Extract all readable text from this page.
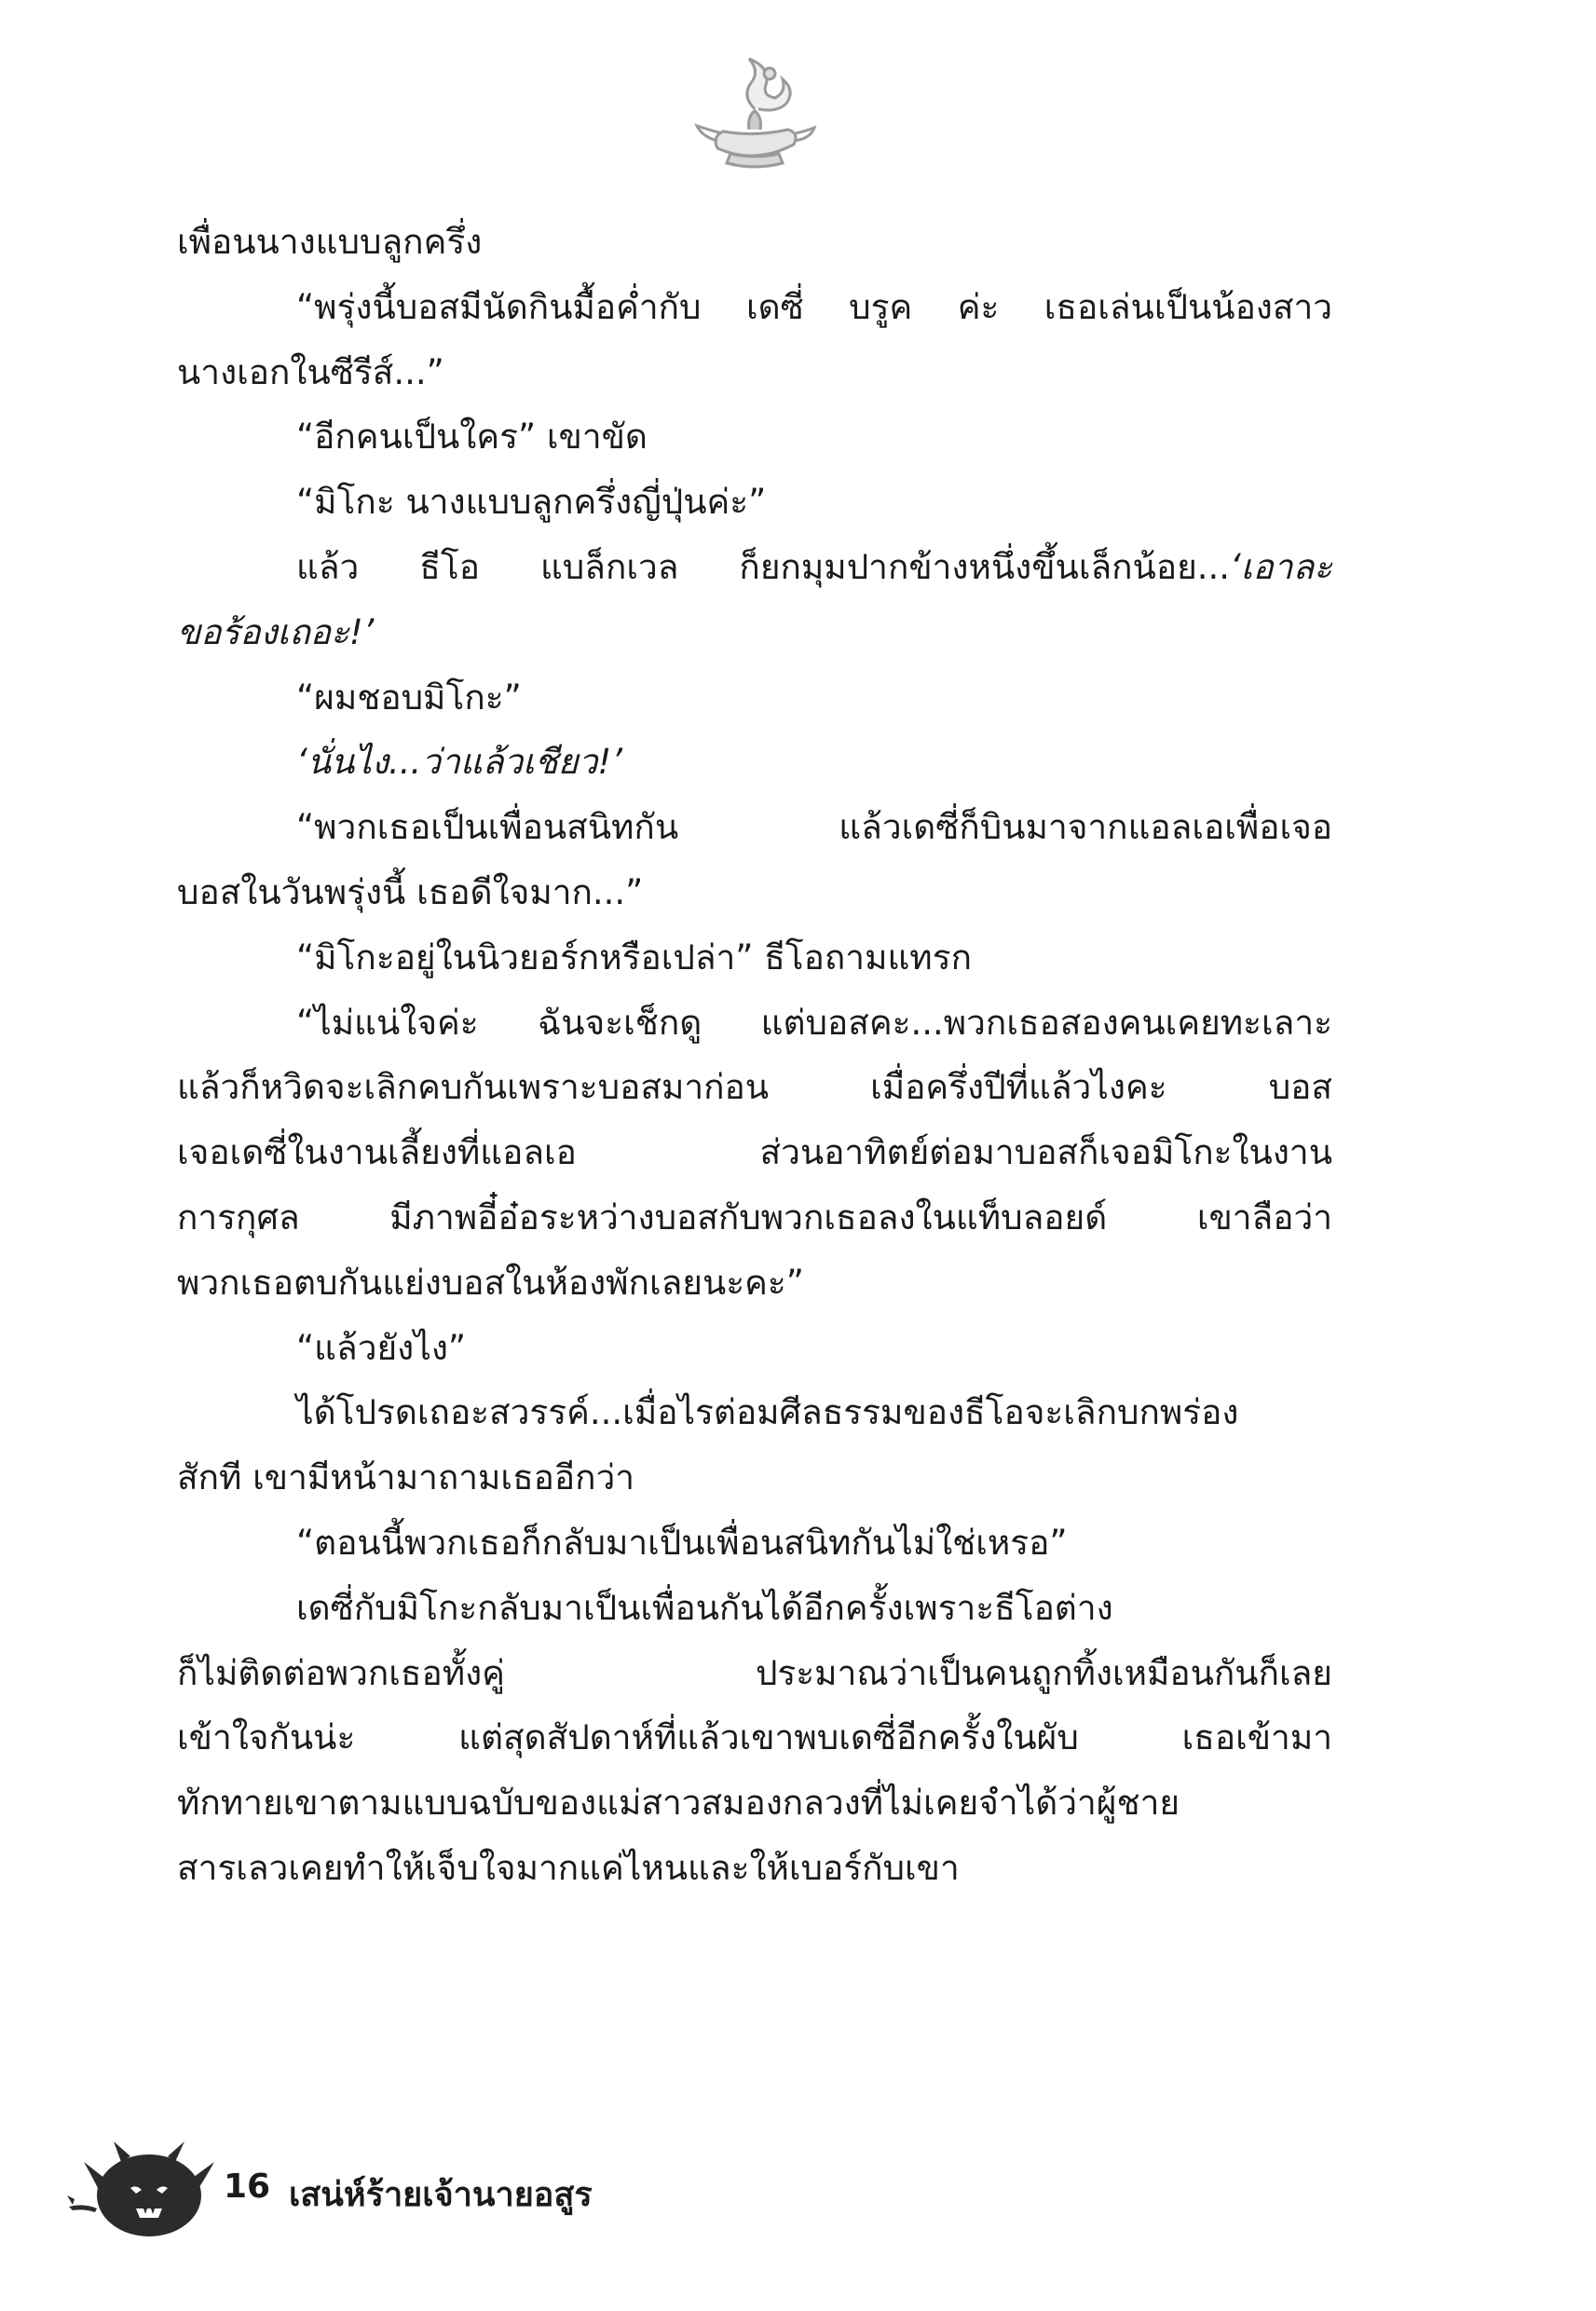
เพื่อนนางแบบลูกครึ่ง
“พรุ่งนี้บอสมีนัดกินมื้อค่ำกับ เดซี่ บรูค ค่ะ เธอเล่นเป็นน้องสาว
นางเอกในซีรีส์...”
“อีกคนเป็นใคร” เขาขัด
“มิโกะ นางแบบลูกครึ่งญี่ปุ่นค่ะ”
แล้ว ธีโอ แบล็กเวล ก็ยกมุมปากข้างหนึ่งขึ้นเล็กน้อย...‘เอาละ
ขอร้องเถอะ!’
“ผมชอบมิโกะ”
‘นั่นไง...ว่าแล้วเชียว!’
“พวกเธอเป็นเพื่อนสนิทกัน แล้วเดซี่ก็บินมาจากแอลเอเพื่อเจอ
บอสในวันพรุ่งนี้ เธอดีใจมาก...”
“มิโกะอยู่ในนิวยอร์กหรือเปล่า” ธีโอถามแทรก
“ไม่แน่ใจค่ะ ฉันจะเช็กดู แต่บอสคะ...พวกเธอสองคนเคยทะเลาะ
แล้วก็หวิดจะเลิกคบกันเพราะบอสมาก่อน เมื่อครึ่งปีที่แล้วไงคะ บอส
เจอเดซี่ในงานเลี้ยงที่แอลเอ ส่วนอาทิตย์ต่อมาบอสก็เจอมิโกะในงาน
การกุศล มีภาพอี๋อ๋อระหว่างบอสกับพวกเธอลงในแท็บลอยด์ เขาลือว่า
พวกเธอตบกันแย่งบอสในห้องพักเลยนะคะ”
“แล้วยังไง”
ได้โปรดเถอะสวรรค์...เมื่อไรต่อมศีลธรรมของธีโอจะเลิกบกพร่อง
สักที เขามีหน้ามาถามเธออีกว่า
“ตอนนี้พวกเธอก็กลับมาเป็นเพื่อนสนิทกันไม่ใช่เหรอ”
เดซี่กับมิโกะกลับมาเป็นเพื่อนกันได้อีกครั้งเพราะธีโอต่าง
ก็ไม่ติดต่อพวกเธอทั้งคู่ ประมาณว่าเป็นคนถูกทิ้งเหมือนกันก็เลย
เข้าใจกันน่ะ แต่สุดสัปดาห์ที่แล้วเขาพบเดซี่อีกครั้งในผับ เธอเข้ามา
ทักทายเขาตามแบบฉบับของแม่สาวสมองกลวงที่ไม่เคยจำได้ว่าผู้ชาย
สารเลวเคยทำให้เจ็บใจมากแค่ไหนและให้เบอร์กับเขา
16 เสน่ห์ร้ายเจ้านายอสูร
